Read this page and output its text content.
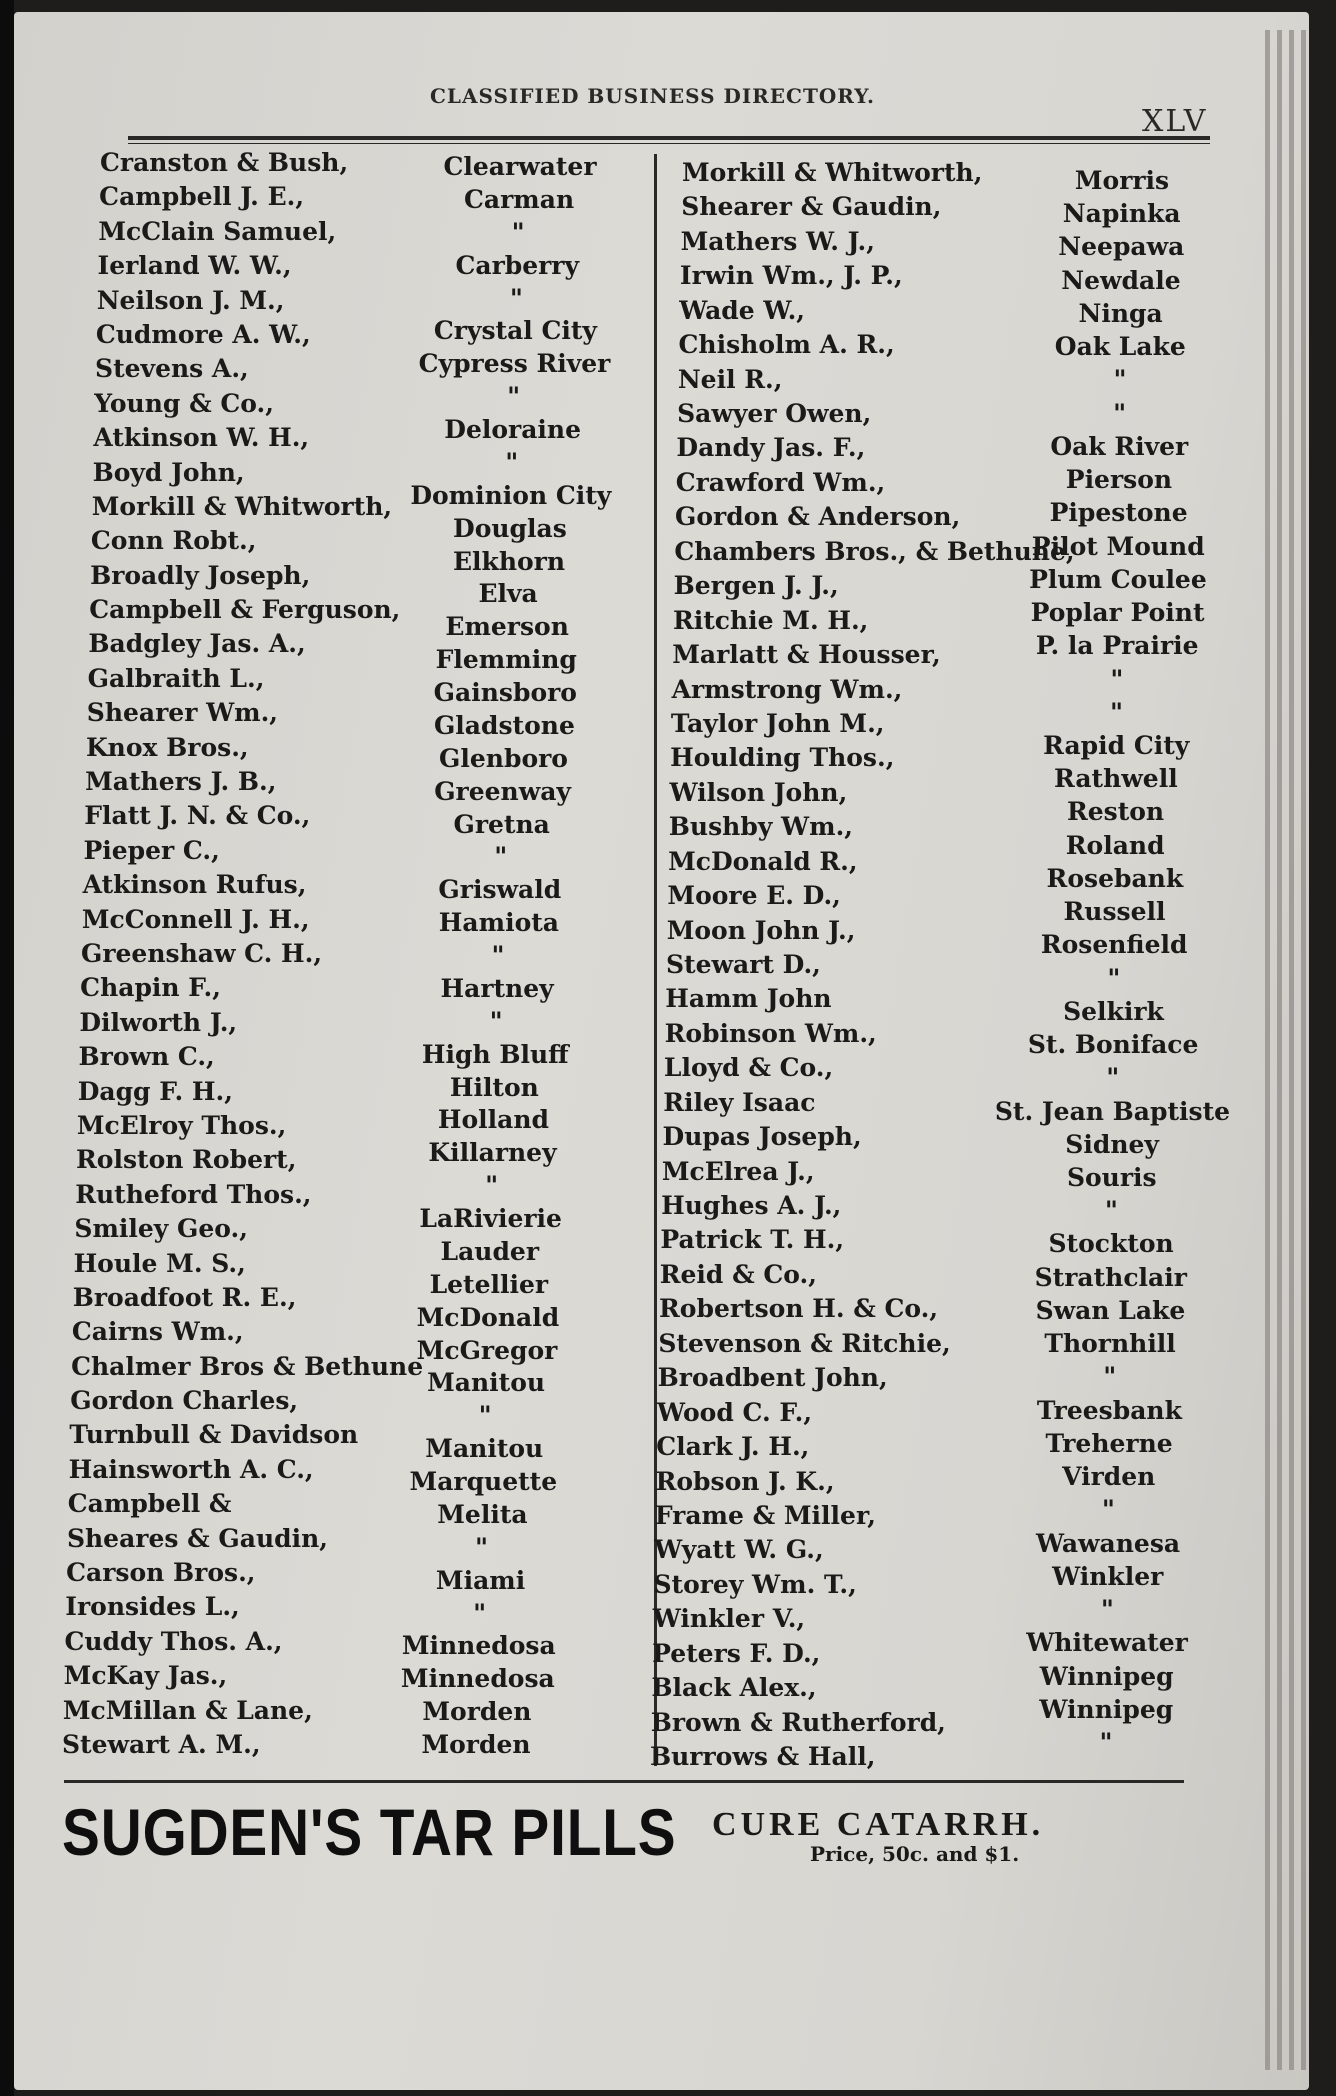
CLASSIFIED BUSINESS DIRECTORY.
XLV
Cranston & Bush,
Campbell J. E.,
McClain Samuel,
Ierland W. W.,
Neilson J. M.,
Cudmore A. W.,
Stevens A.,
Young & Co.,
Atkinson W. H.,
Boyd John,
Morkill & Whitworth,
Conn Robt.,
Broadly Joseph,
Campbell & Ferguson,
Badgley Jas. A.,
Galbraith L.,
Shearer Wm.,
Knox Bros.,
Mathers J. B.,
Flatt J. N. & Co.,
Pieper C.,
Atkinson Rufus,
McConnell J. H.,
Greenshaw C. H.,
Chapin F.,
Dilworth J.,
Brown C.,
Dagg F. H.,
McElroy Thos.,
Rolston Robert,
Rutheford Thos.,
Smiley Geo.,
Houle M. S.,
Broadfoot R. E.,
Cairns Wm.,
Chalmer Bros & Bethune
Gordon Charles,
Turnbull & Davidson
Hainsworth A. C.,
Campbell &
Sheares & Gaudin,
Carson Bros.,
Ironsides L.,
Cuddy Thos. A.,
McKay Jas.,
McMillan & Lane,
Stewart A. M.,
Clearwater
Carman
"
Carberry
"
Crystal City
Cypress River
"
Deloraine
"
Dominion City
Douglas
Elkhorn
Elva
Emerson
Flemming
Gainsboro
Gladstone
Glenboro
Greenway
Gretna
"
Griswald
Hamiota
"
Hartney
"
High Bluff
Hilton
Holland
Killarney
"
LaRivierie
Lauder
Letellier
McDonald
McGregor
Manitou
"
Manitou
Marquette
Melita
"
Miami
"
Minnedosa
Minnedosa
Morden
Morden
Morkill & Whitworth,
Shearer & Gaudin,
Mathers W. J.,
Irwin Wm., J. P.,
Wade W.,
Chisholm A. R.,
Neil R.,
Sawyer Owen,
Dandy Jas. F.,
Crawford Wm.,
Gordon & Anderson,
Chambers Bros., & Bethune,
Bergen J. J.,
Ritchie M. H.,
Marlatt & Housser,
Armstrong Wm.,
Taylor John M.,
Houlding Thos.,
Wilson John,
Bushby Wm.,
McDonald R.,
Moore E. D.,
Moon John J.,
Stewart D.,
Hamm John
Robinson Wm.,
Lloyd & Co.,
Riley Isaac
Dupas Joseph,
McElrea J.,
Hughes A. J.,
Patrick T. H.,
Reid & Co.,
Robertson H. & Co.,
Stevenson & Ritchie,
Broadbent John,
Wood C. F.,
Clark J. H.,
Robson J. K.,
Frame & Miller,
Wyatt W. G.,
Storey Wm. T.,
Winkler V.,
Peters F. D.,
Black Alex.,
Brown & Rutherford,
Burrows & Hall,
Morris
Napinka
Neepawa
Newdale
Ninga
Oak Lake
"
"
Oak River
Pierson
Pipestone
Pilot Mound
Plum Coulee
Poplar Point
P. la Prairie
"
"
Rapid City
Rathwell
Reston
Roland
Rosebank
Russell
Rosenfield
"
Selkirk
St. Boniface
"
St. Jean Baptiste
Sidney
Souris
"
Stockton
Strathclair
Swan Lake
Thornhill
"
Treesbank
Treherne
Virden
"
Wawanesa
Winkler
"
Whitewater
Winnipeg
Winnipeg
"
SUGDEN'S TAR PILLS CURE CATARRH.
Price, 50c. and $1.
